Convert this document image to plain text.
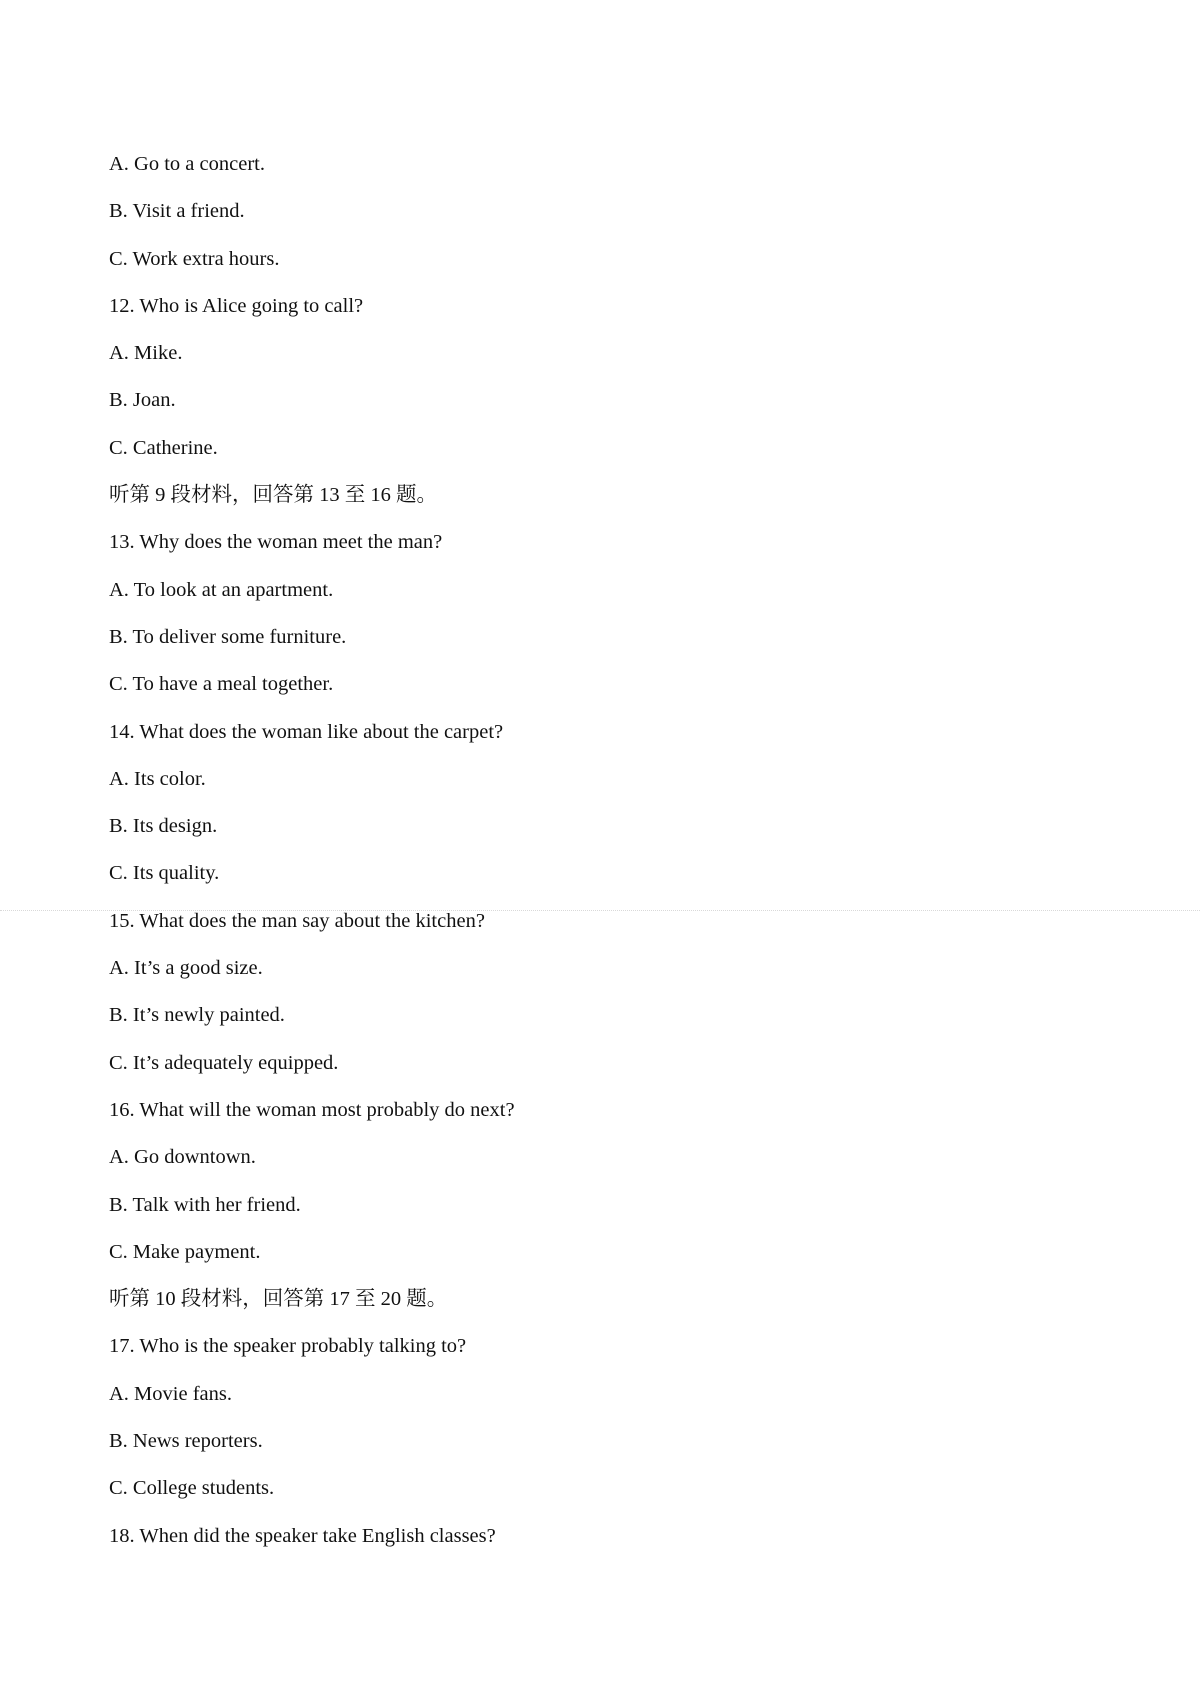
A. Go to a concert.
B. Visit a friend.
C. Work extra hours.
12. Who is Alice going to call?
A. Mike.
B. Joan.
C. Catherine.
听第 9 段材料，回答第 13 至 16 题。
13. Why does the woman meet the man?
A. To look at an apartment.
B. To deliver some furniture.
C. To have a meal together.
14. What does the woman like about the carpet?
A. Its color.
B. Its design.
C. Its quality.
15. What does the man say about the kitchen?
A. It’s a good size.
B. It’s newly painted.
C. It’s adequately equipped.
16. What will the woman most probably do next?
A. Go downtown.
B. Talk with her friend.
C. Make payment.
听第 10 段材料，回答第 17 至 20 题。
17. Who is the speaker probably talking to?
A. Movie fans.
B. News reporters.
C. College students.
18. When did the speaker take English classes?
